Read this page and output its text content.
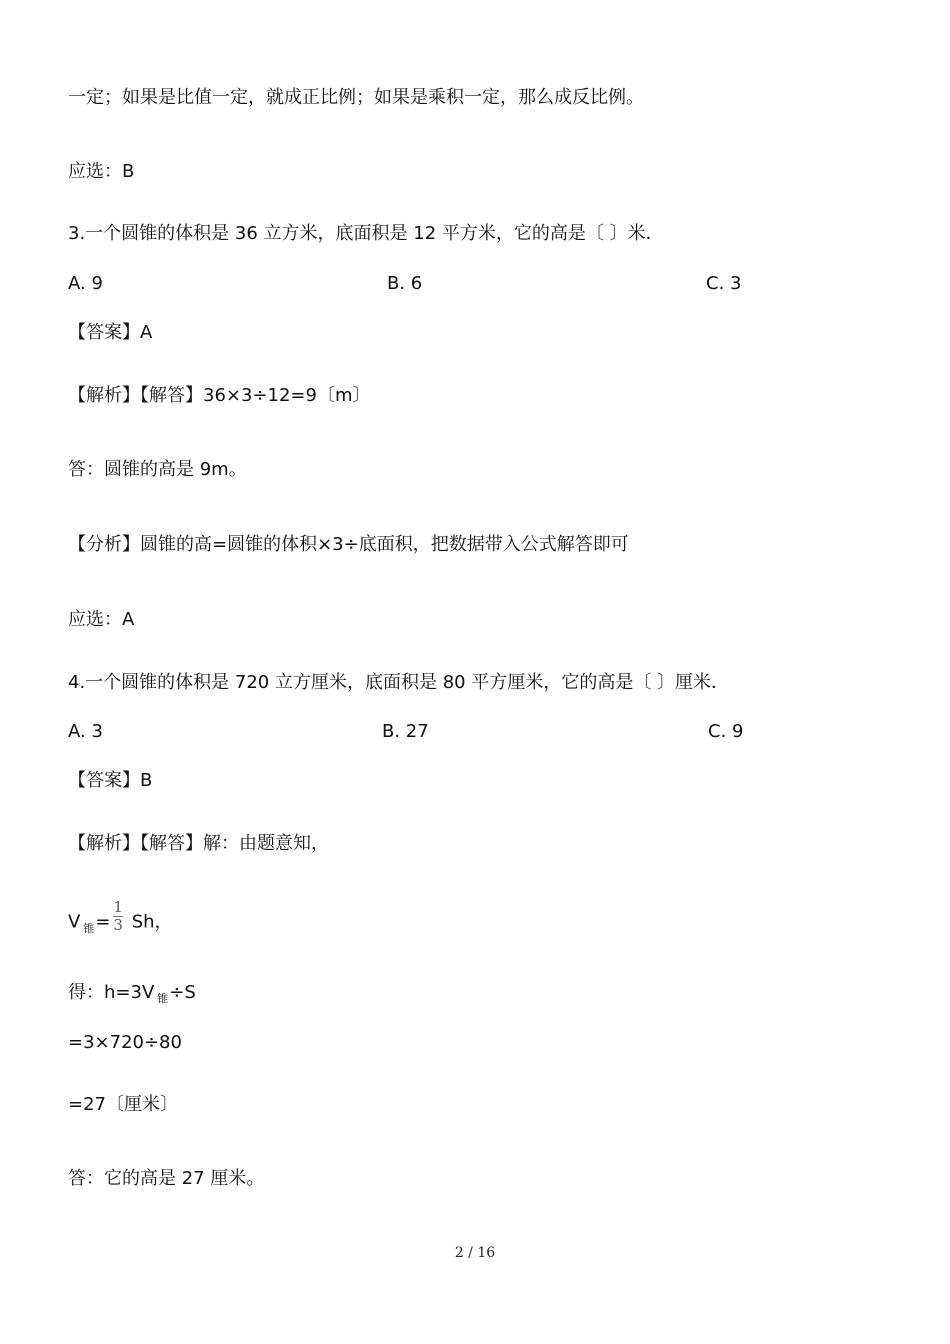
一定；如果是比值一定，就成正比例；如果是乘积一定，那么成反比例。
应选：B
3.一个圆锥的体积是 36 立方米，底面积是 12 平方米，它的高是〔 〕米．
A. 9	B. 6	C. 3
【答案】A
【解析】【解答】36×3÷12=9〔m〕
答：圆锥的高是 9m。
【分析】圆锥的高=圆锥的体积×3÷底面积，把数据带入公式解答即可
应选：A
4.一个圆锥的体积是 720 立方厘米，底面积是 80 平方厘米，它的高是〔 〕厘米．
A. 3	B. 27	C. 9
【答案】B
【解析】【解答】解：由题意知，
V $_锥= \frac{1}{3}$ Sh，
得：h=3V $_锥$÷S
=3×720÷80
=27〔厘米〕
答：它的高是 27 厘米。
2 / 16
